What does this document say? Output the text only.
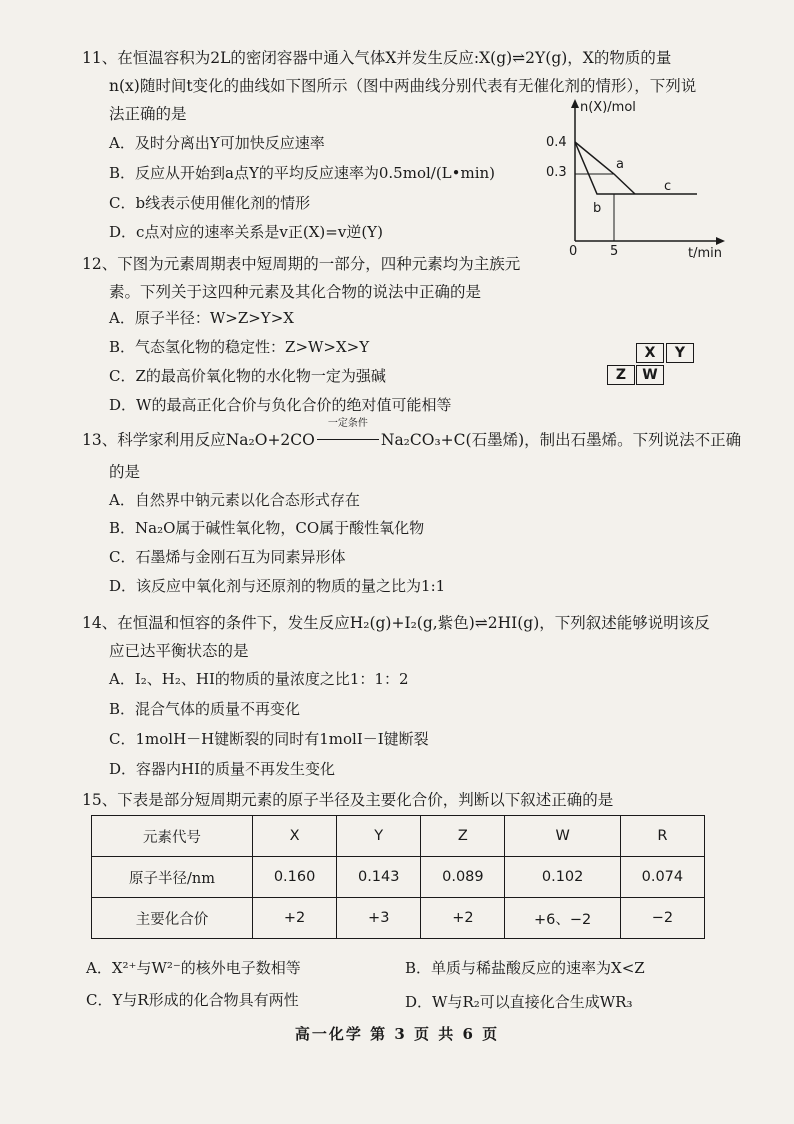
11、在恒温容积为2L的密闭容器中通入气体X并发生反应:X(g)⇌2Y(g)，X的物质的量
n(x)随时间t变化的曲线如下图所示（图中两曲线分别代表有无催化剂的情形），下列说
法正确的是
A．及时分离出Y可加快反应速率
B．反应从开始到a点Y的平均反应速率为0.5mol/(L•min)
C．b线表示使用催化剂的情形
D．c点对应的速率关系是v正(X)=v逆(Y)
n(X)/mol
t/min
0.4
0.3
0	5
a
b
c
12、下图为元素周期表中短周期的一部分，四种元素均为主族元
素。下列关于这四种元素及其化合物的说法中正确的是
A．原子半径：W>Z>Y>X
B．气态氢化物的稳定性：Z>W>X>Y
C．Z的最高价氧化物的水化物一定为强碱
D．W的最高正化合价与负化合价的绝对值可能相等
X	Y
Z	W
13、科学家利用反应Na₂O+2CO
一定条件
Na₂CO₃+C(石墨烯)，制出石墨烯。下列说法不正确
的是
A．自然界中钠元素以化合态形式存在
B．Na₂O属于碱性氧化物，CO属于酸性氧化物
C．石墨烯与金刚石互为同素异形体
D．该反应中氧化剂与还原剂的物质的量之比为1:1
14、在恒温和恒容的条件下，发生反应H₂(g)+I₂(g,紫色)⇌2HI(g)，下列叙述能够说明该反
应已达平衡状态的是
A．I₂、H₂、HI的物质的量浓度之比1：1：2
B．混合气体的质量不再变化
C．1molH－H键断裂的同时有1molI－I键断裂
D．容器内HI的质量不再发生变化
15、下表是部分短周期元素的原子半径及主要化合价，判断以下叙述正确的是
元素代号	X	Y	Z	W	R
原子半径/nm	0.160	0.143	0.089	0.102	0.074
主要化合价	+2	+3	+2	+6、−2	−2
A．X²⁺与W²⁻的核外电子数相等	B．单质与稀盐酸反应的速率为X<Z
C．Y与R形成的化合物具有两性	D．W与R₂可以直接化合生成WR₃
高一化学 第 3 页 共 6 页
